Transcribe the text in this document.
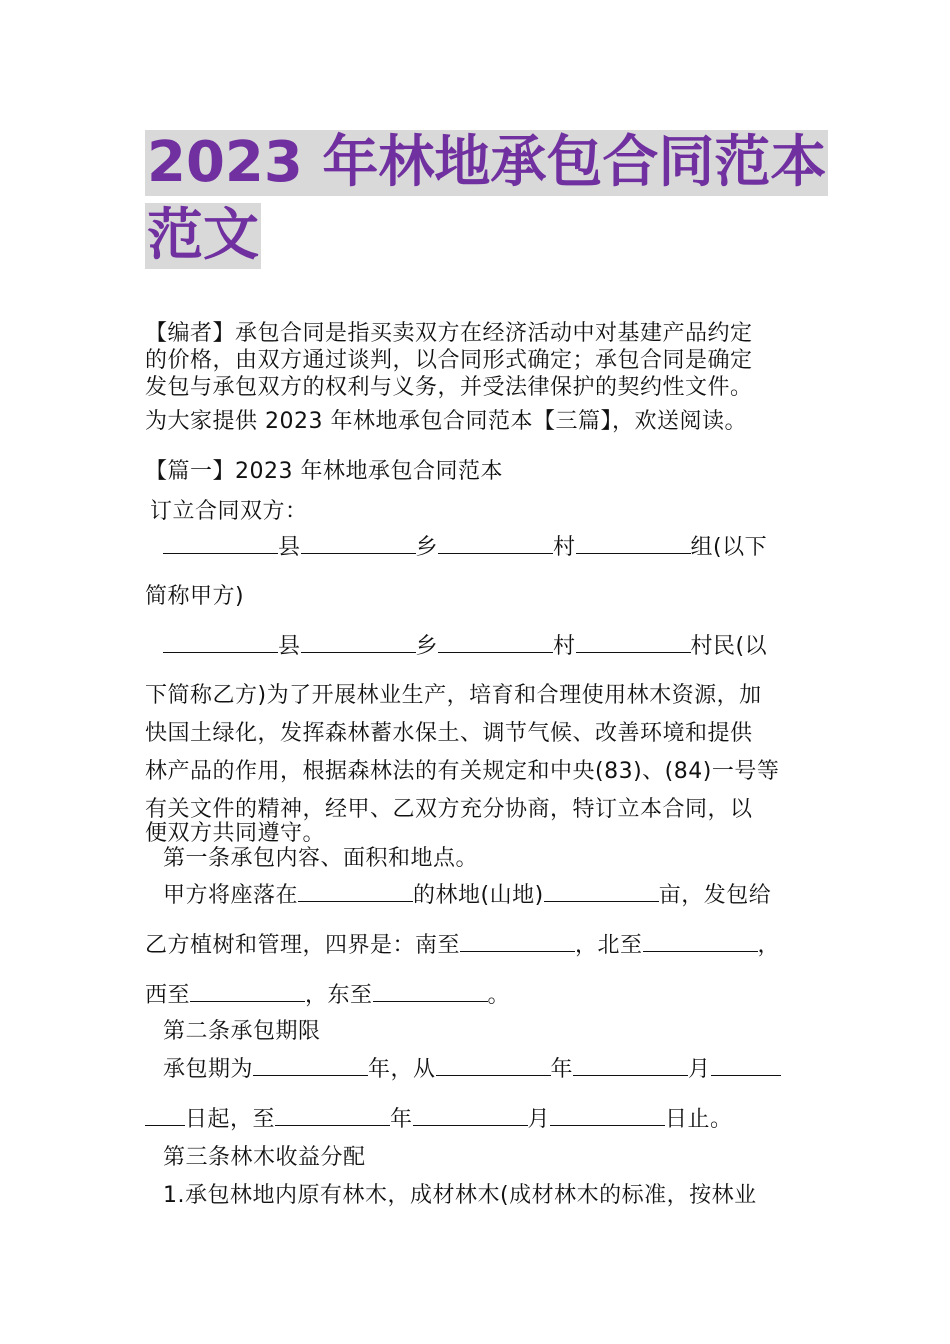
2023 年林地承包合同范本
范文
【编者】承包合同是指买卖双方在经济活动中对基建产品约定
的价格，由双方通过谈判，以合同形式确定；承包合同是确定
发包与承包双方的权利与义务，并受法律保护的契约性文件。
为大家提供 2023 年林地承包合同范本【三篇】，欢送阅读。
【篇一】2023 年林地承包合同范本
订立合同双方：
县	乡	村	组(以下
简称甲方)
县	乡	村	村民(以
下简称乙方)为了开展林业生产，培育和合理使用林木资源，加
快国土绿化，发挥森林蓄水保土、调节气候、改善环境和提供
林产品的作用，根据森林法的有关规定和中央(83)、(84)一号等
有关文件的精神，经甲、乙双方充分协商，特订立本合同，以
便双方共同遵守。
第一条承包内容、面积和地点。
甲方将座落在	的林地(山地)	亩，发包给
乙方植树和管理，四界是：南至	，北至	，
西至	，东至	。
第二条承包期限
承包期为	年，从	年	月
日起，至	年	月	日止。
第三条林木收益分配
1.承包林地内原有林木，成材林木(成材林木的标准，按林业
